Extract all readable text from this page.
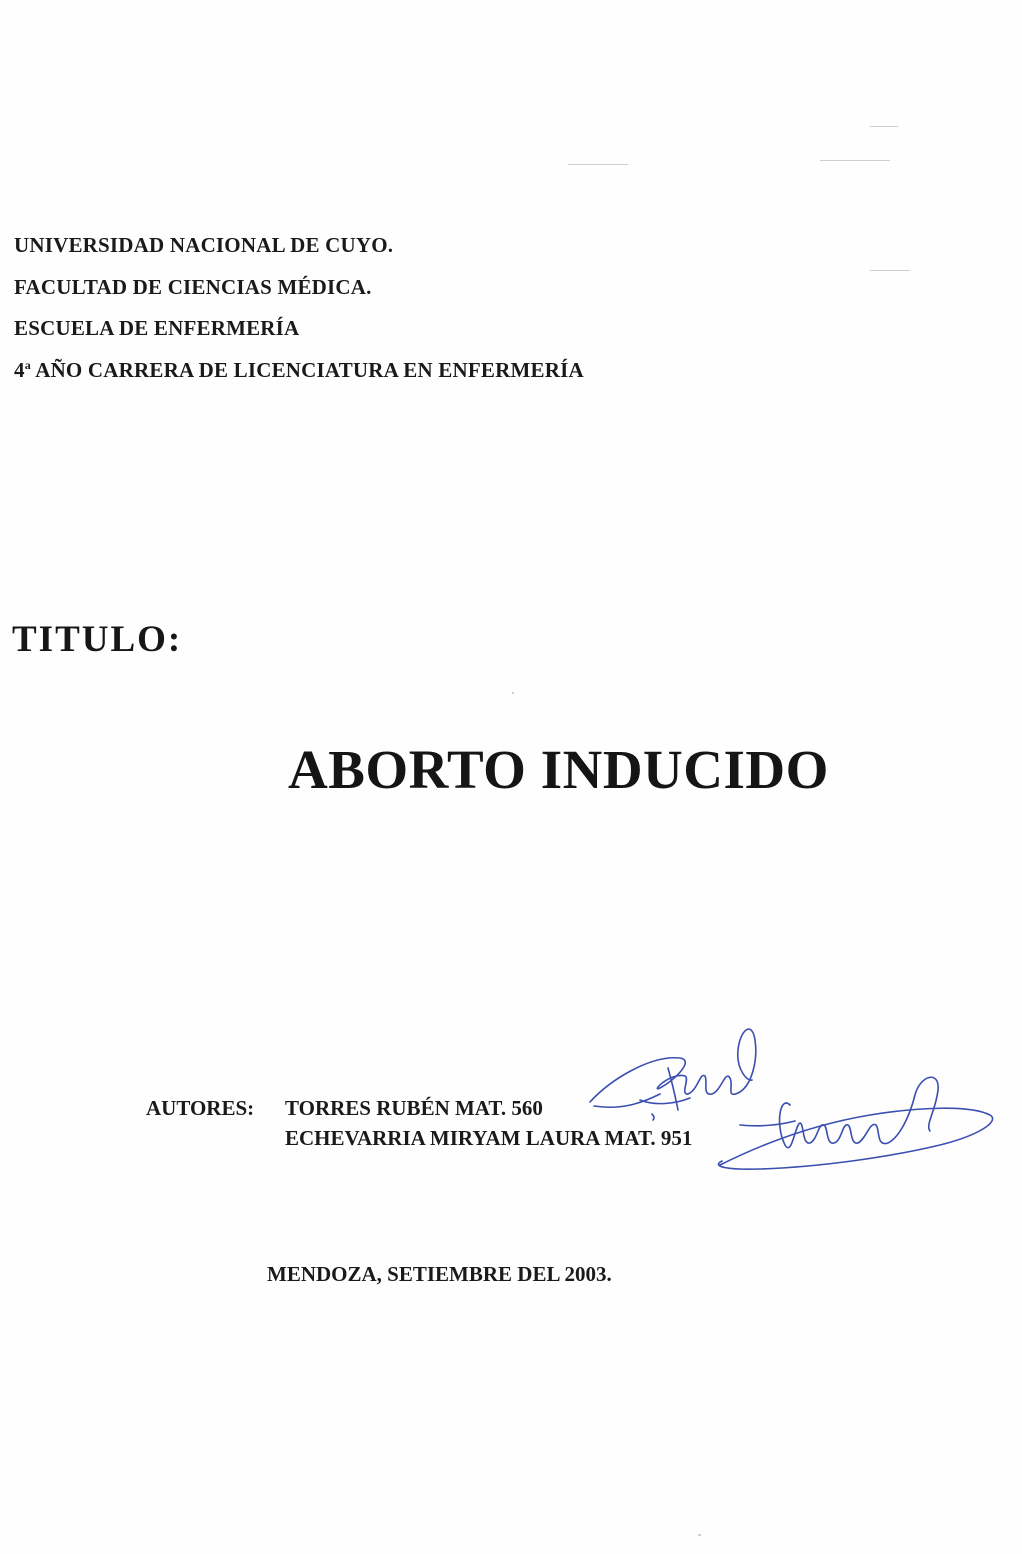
UNIVERSIDAD NACIONAL DE CUYO.
FACULTAD DE CIENCIAS MÉDICA.
ESCUELA DE ENFERMERÍA
4$^a$ AÑO CARRERA DE LICENCIATURA EN ENFERMERÍA
TITULO:
ABORTO INDUCIDO
AUTORES: TORRES RUBÉN MAT. 560
ECHEVARRIA MIRYAM LAURA MAT. 951
MENDOZA, SETIEMBRE DEL 2003.
